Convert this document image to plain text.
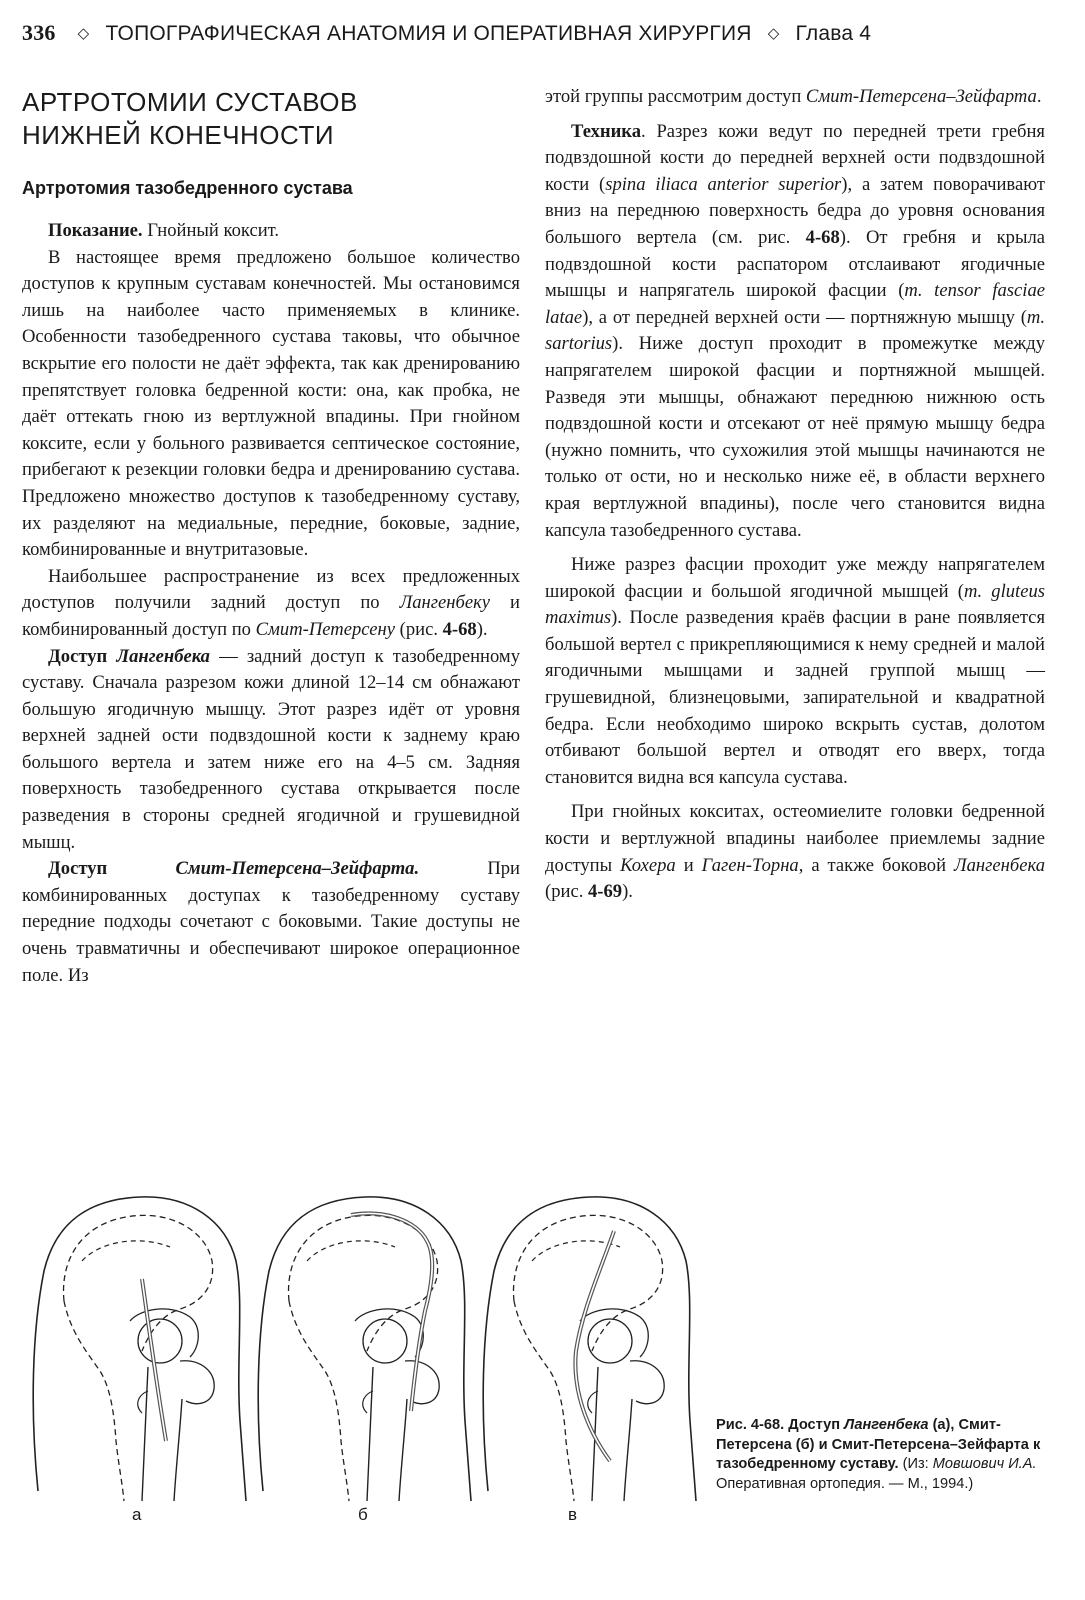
336 ◇ ТОПОГРАФИЧЕСКАЯ АНАТОМИЯ И ОПЕРАТИВНАЯ ХИРУРГИЯ ◇ Глава 4
АРТРОТОМИИ СУСТАВОВ
НИЖНЕЙ КОНЕЧНОСТИ
Артротомия тазобедренного сустава

Показание. Гнойный коксит.

В настоящее время предложено большое количество доступов к крупным суставам конечностей. Мы остановимся лишь на наиболее часто применяемых в клинике. Особенности тазобедренного сустава таковы, что обычное вскрытие его полости не даёт эффекта, так как дренированию препятствует головка бедренной кости: она, как пробка, не даёт оттекать гною из вертлужной впадины. При гнойном коксите, если у больного развивается септическое состояние, прибегают к резекции головки бедра и дренированию сустава. Предложено множество доступов к тазобедренному суставу, их разделяют на медиальные, передние, боковые, задние, комбинированные и внутритазовые.

Наибольшее распространение из всех предложенных доступов получили задний доступ по Лангенбеку и комбинированный доступ по Смит-Петерсену (рис. 4-68).

Доступ Лангенбека — задний доступ к тазобедренному суставу. Сначала разрезом кожи длиной 12–14 см обнажают большую ягодичную мышцу. Этот разрез идёт от уровня верхней задней ости подвздошной кости к заднему краю большого вертела и затем ниже его на 4–5 см. Задняя поверхность тазобедренного сустава открывается после разведения в стороны средней ягодичной и грушевидной мышц.

Доступ Смит-Петерсена–Зейфарта. При комбинированных доступах к тазобедренному суставу передние подходы сочетают с боковыми. Такие доступы не очень травматичны и обеспечивают широкое операционное поле. Из

этой группы рассмотрим доступ Смит-Петерсена–Зейфарта.

Техника. Разрез кожи ведут по передней трети гребня подвздошной кости до передней верхней ости подвздошной кости (spina iliaca anterior superior), а затем поворачивают вниз на переднюю поверхность бедра до уровня основания большого вертела (см. рис. 4-68). От гребня и крыла подвздошной кости распатором отслаивают ягодичные мышцы и напрягатель широкой фасции (m. tensor fasciae latae), а от передней верхней ости — портняжную мышцу (m. sartorius). Ниже доступ проходит в промежутке между напрягателем широкой фасции и портняжной мышцей. Разведя эти мышцы, обнажают переднюю нижнюю ость подвздошной кости и отсекают от неё прямую мышцу бедра (нужно помнить, что сухожилия этой мышцы начинаются не только от ости, но и несколько ниже её, в области верхнего края вертлужной впадины), после чего становится видна капсула тазобедренного сустава.

Ниже разрез фасции проходит уже между напрягателем широкой фасции и большой ягодичной мышцей (m. gluteus maximus). После разведения краёв фасции в ране появляется большой вертел с прикрепляющимися к нему средней и малой ягодичными мышцами и задней группой мышц — грушевидной, близнецовыми, запирательной и квадратной бедра. Если необходимо широко вскрыть сустав, долотом отбивают большой вертел и отводят его вверх, тогда становится видна вся капсула сустава.

При гнойных кокситах, остеомиелите головки бедренной кости и вертлужной впадины наиболее приемлемы задние доступы Кохера и Гаген-Торна, а также боковой Лангенбека (рис. 4-69).

а	б	в
Рис. 4-68. Доступ Лангенбека (а), Смит-Петерсена (б) и Смит-Петерсена–Зейфарта к тазобедренному суставу. (Из: Мовшович И.А. Оперативная ортопедия. — М., 1994.)
